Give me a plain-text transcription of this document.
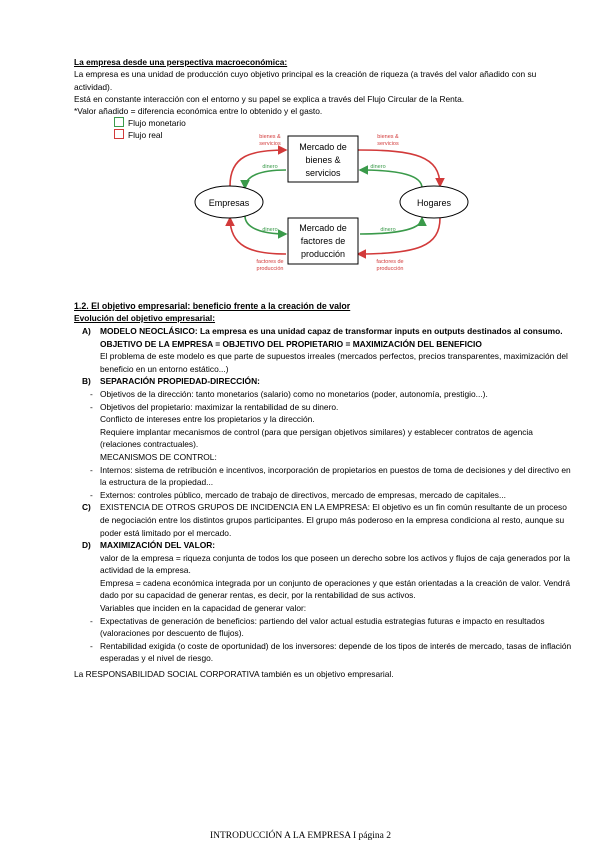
La empresa desde una perspectiva macroeconómica:
La empresa es una unidad de producción cuyo objetivo principal es la creación de riqueza (a través del valor añadido con su actividad).
Está en constante interacción con el entorno y su papel se explica a través del Flujo Circular de la Renta.
*Valor añadido = diferencia económica entre lo obtenido y el gasto.
Flujo monetario
Flujo real
Empresas	Hogares
Mercado de
bienes &
servicios
Mercado de
factores de
producción
bienes &
servicios
bienes &
servicios
factores de
producción
factores de
producción
dinero	dinero
dinero	dinero
1.2. El objetivo empresarial: beneficio frente a la creación de valor
Evolución del objetivo empresarial:
A) MODELO NEOCLÁSICO: La empresa es una unidad capaz de transformar inputs en outputs destinados al consumo.
OBJETIVO DE LA EMPRESA = OBJETIVO DEL PROPIETARIO = MAXIMIZACIÓN DEL BENEFICIO
El problema de este modelo es que parte de supuestos irreales (mercados perfectos, precios transparentes, maximización del beneficio en un entorno estático...)
B) SEPARACIÓN PROPIEDAD-DIRECCIÓN:
- Objetivos de la dirección: tanto monetarios (salario) como no monetarios (poder, autonomía, prestigio...).
- Objetivos del propietario: maximizar la rentabilidad de su dinero.
Conflicto de intereses entre los propietarios y la dirección.
Requiere implantar mecanismos de control (para que persigan objetivos similares) y establecer contratos de agencia (relaciones contractuales).
MECANISMOS DE CONTROL:
- Internos: sistema de retribución e incentivos, incorporación de propietarios en puestos de toma de decisiones y del directivo en la estructura de la propiedad...
- Externos: controles público, mercado de trabajo de directivos, mercado de empresas, mercado de capitales...
C) EXISTENCIA DE OTROS GRUPOS DE INCIDENCIA EN LA EMPRESA: El objetivo es un fin común resultante de un proceso de negociación entre los distintos grupos participantes. El grupo más poderoso en la empresa condiciona al resto, aunque su poder está limitado por el mercado.
D) MAXIMIZACIÓN DEL VALOR:
valor de la empresa = riqueza conjunta de todos los que poseen un derecho sobre los activos y flujos de caja generados por la actividad de la empresa.
Empresa = cadena económica integrada por un conjunto de operaciones y que están orientadas a la creación de valor. Vendrá dado por su capacidad de generar rentas, es decir, por la rentabilidad de sus activos.
Variables que inciden en la capacidad de generar valor:
- Expectativas de generación de beneficios: partiendo del valor actual estudia estrategias futuras e impacto en resultados (valoraciones por descuento de flujos).
- Rentabilidad exigida (o coste de oportunidad) de los inversores: depende de los tipos de interés de mercado, tasas de inflación esperadas y el nivel de riesgo.
La RESPONSABILIDAD SOCIAL CORPORATIVA también es un objetivo empresarial.
INTRODUCCIÓN A LA EMPRESA I página 2
